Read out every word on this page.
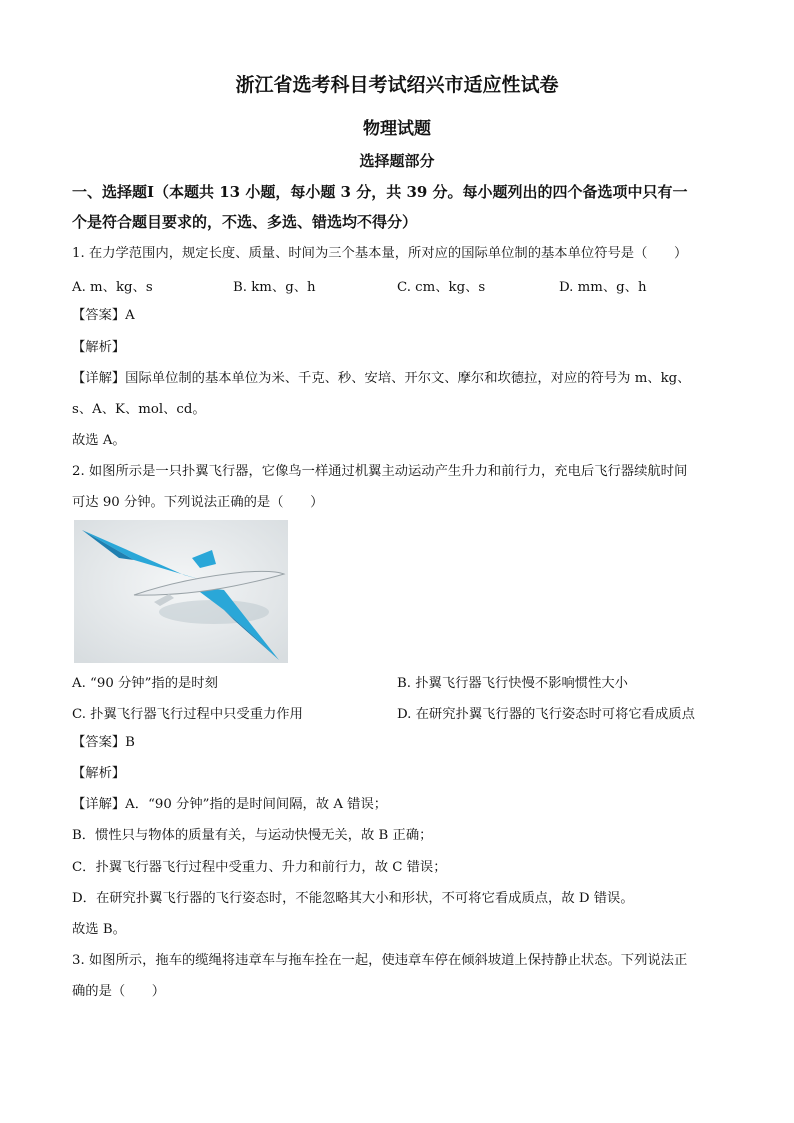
浙江省选考科目考试绍兴市适应性试卷
物理试题
选择题部分
一、选择题Ⅰ（本题共 13 小题，每小题 3 分，共 39 分。每小题列出的四个备选项中只有一
个是符合题目要求的，不选、多选、错选均不得分）
1. 在力学范围内，规定长度、质量、时间为三个基本量，所对应的国际单位制的基本单位符号是（　　）
A. m、kg、s	B. km、g、h	C. cm、kg、s	D. mm、g、h
【答案】A
【解析】
【详解】国际单位制的基本单位为米、千克、秒、安培、开尔文、摩尔和坎德拉，对应的符号为 m、kg、
s、A、K、mol、cd。
故选 A。
2. 如图所示是一只扑翼飞行器，它像鸟一样通过机翼主动运动产生升力和前行力，充电后飞行器续航时间
可达 90 分钟。下列说法正确的是（　　）
A. “90 分钟”指的是时刻	B. 扑翼飞行器飞行快慢不影响惯性大小
C. 扑翼飞行器飞行过程中只受重力作用	D. 在研究扑翼飞行器的飞行姿态时可将它看成质点
【答案】B
【解析】
【详解】A．“90 分钟”指的是时间间隔，故 A 错误；
B．惯性只与物体的质量有关，与运动快慢无关，故 B 正确；
C．扑翼飞行器飞行过程中受重力、升力和前行力，故 C 错误；
D．在研究扑翼飞行器的飞行姿态时，不能忽略其大小和形状，不可将它看成质点，故 D 错误。
故选 B。
3. 如图所示，拖车的缆绳将违章车与拖车拴在一起，使违章车停在倾斜坡道上保持静止状态。下列说法正
确的是（　　）
